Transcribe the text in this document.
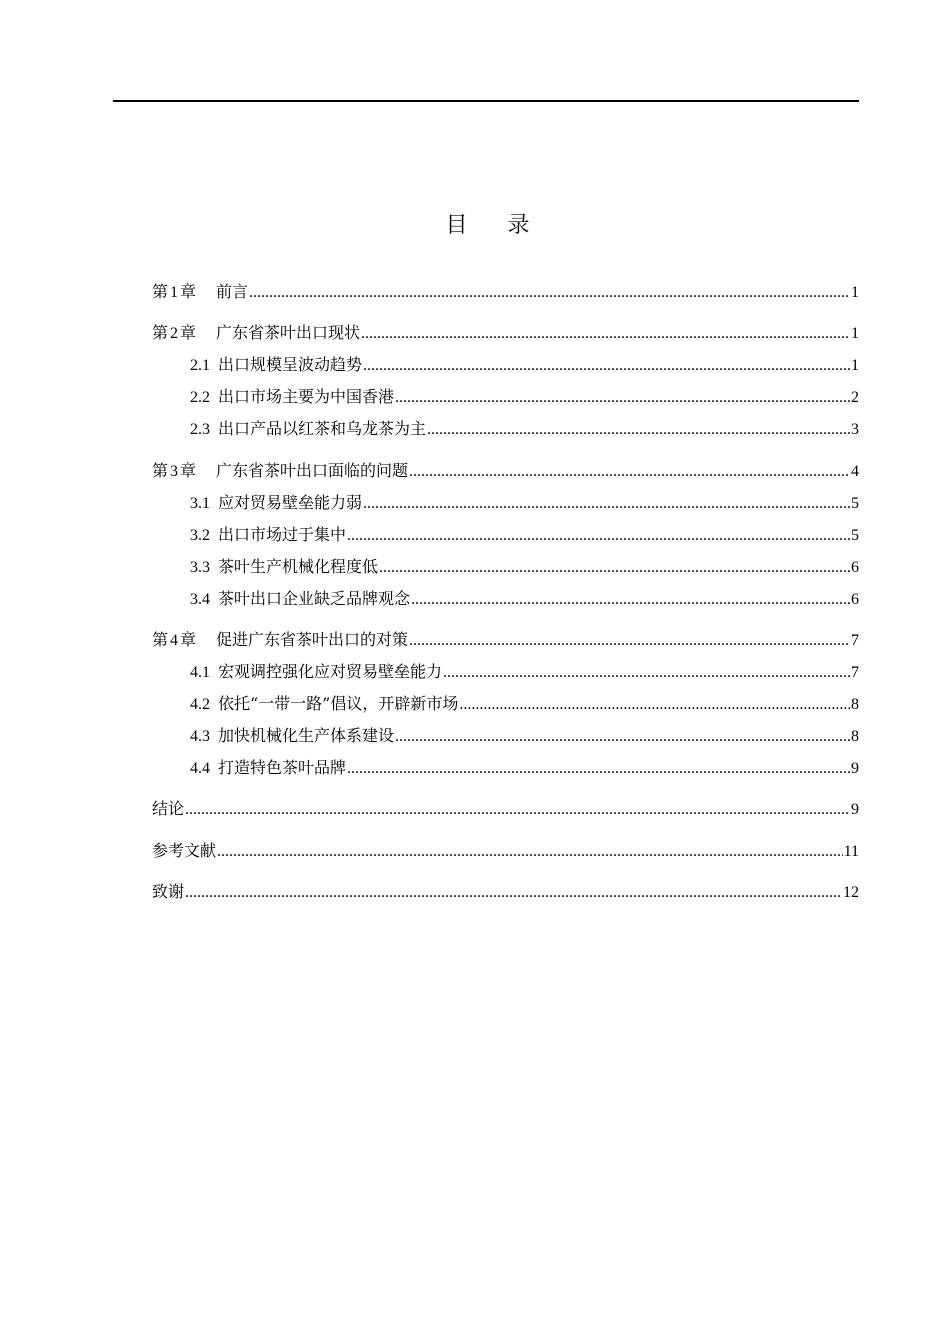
目 录
第 1 章 前言 .....	1
第 2 章 广东省茶叶出口现状 .....	1
2.1 出口规模呈波动趋势 .....	1
2.2 出口市场主要为中国香港 .....	2
2.3 出口产品以红茶和乌龙茶为主 .....	3
第 3 章 广东省茶叶出口面临的问题 .....	4
3.1 应对贸易壁垒能力弱 .....	5
3.2 出口市场过于集中 .....	5
3.3 茶叶生产机械化程度低 .....	6
3.4 茶叶出口企业缺乏品牌观念 .....	6
第 4 章 促进广东省茶叶出口的对策 .....	7
4.1 宏观调控强化应对贸易壁垒能力 .....	7
4.2 依托“一带一路”倡议，开辟新市场 .....	8
4.3 加快机械化生产体系建设 .....	8
4.4 打造特色茶叶品牌 .....	9
结论 .....	9
参考文献 .....	11
致谢 .....	12
